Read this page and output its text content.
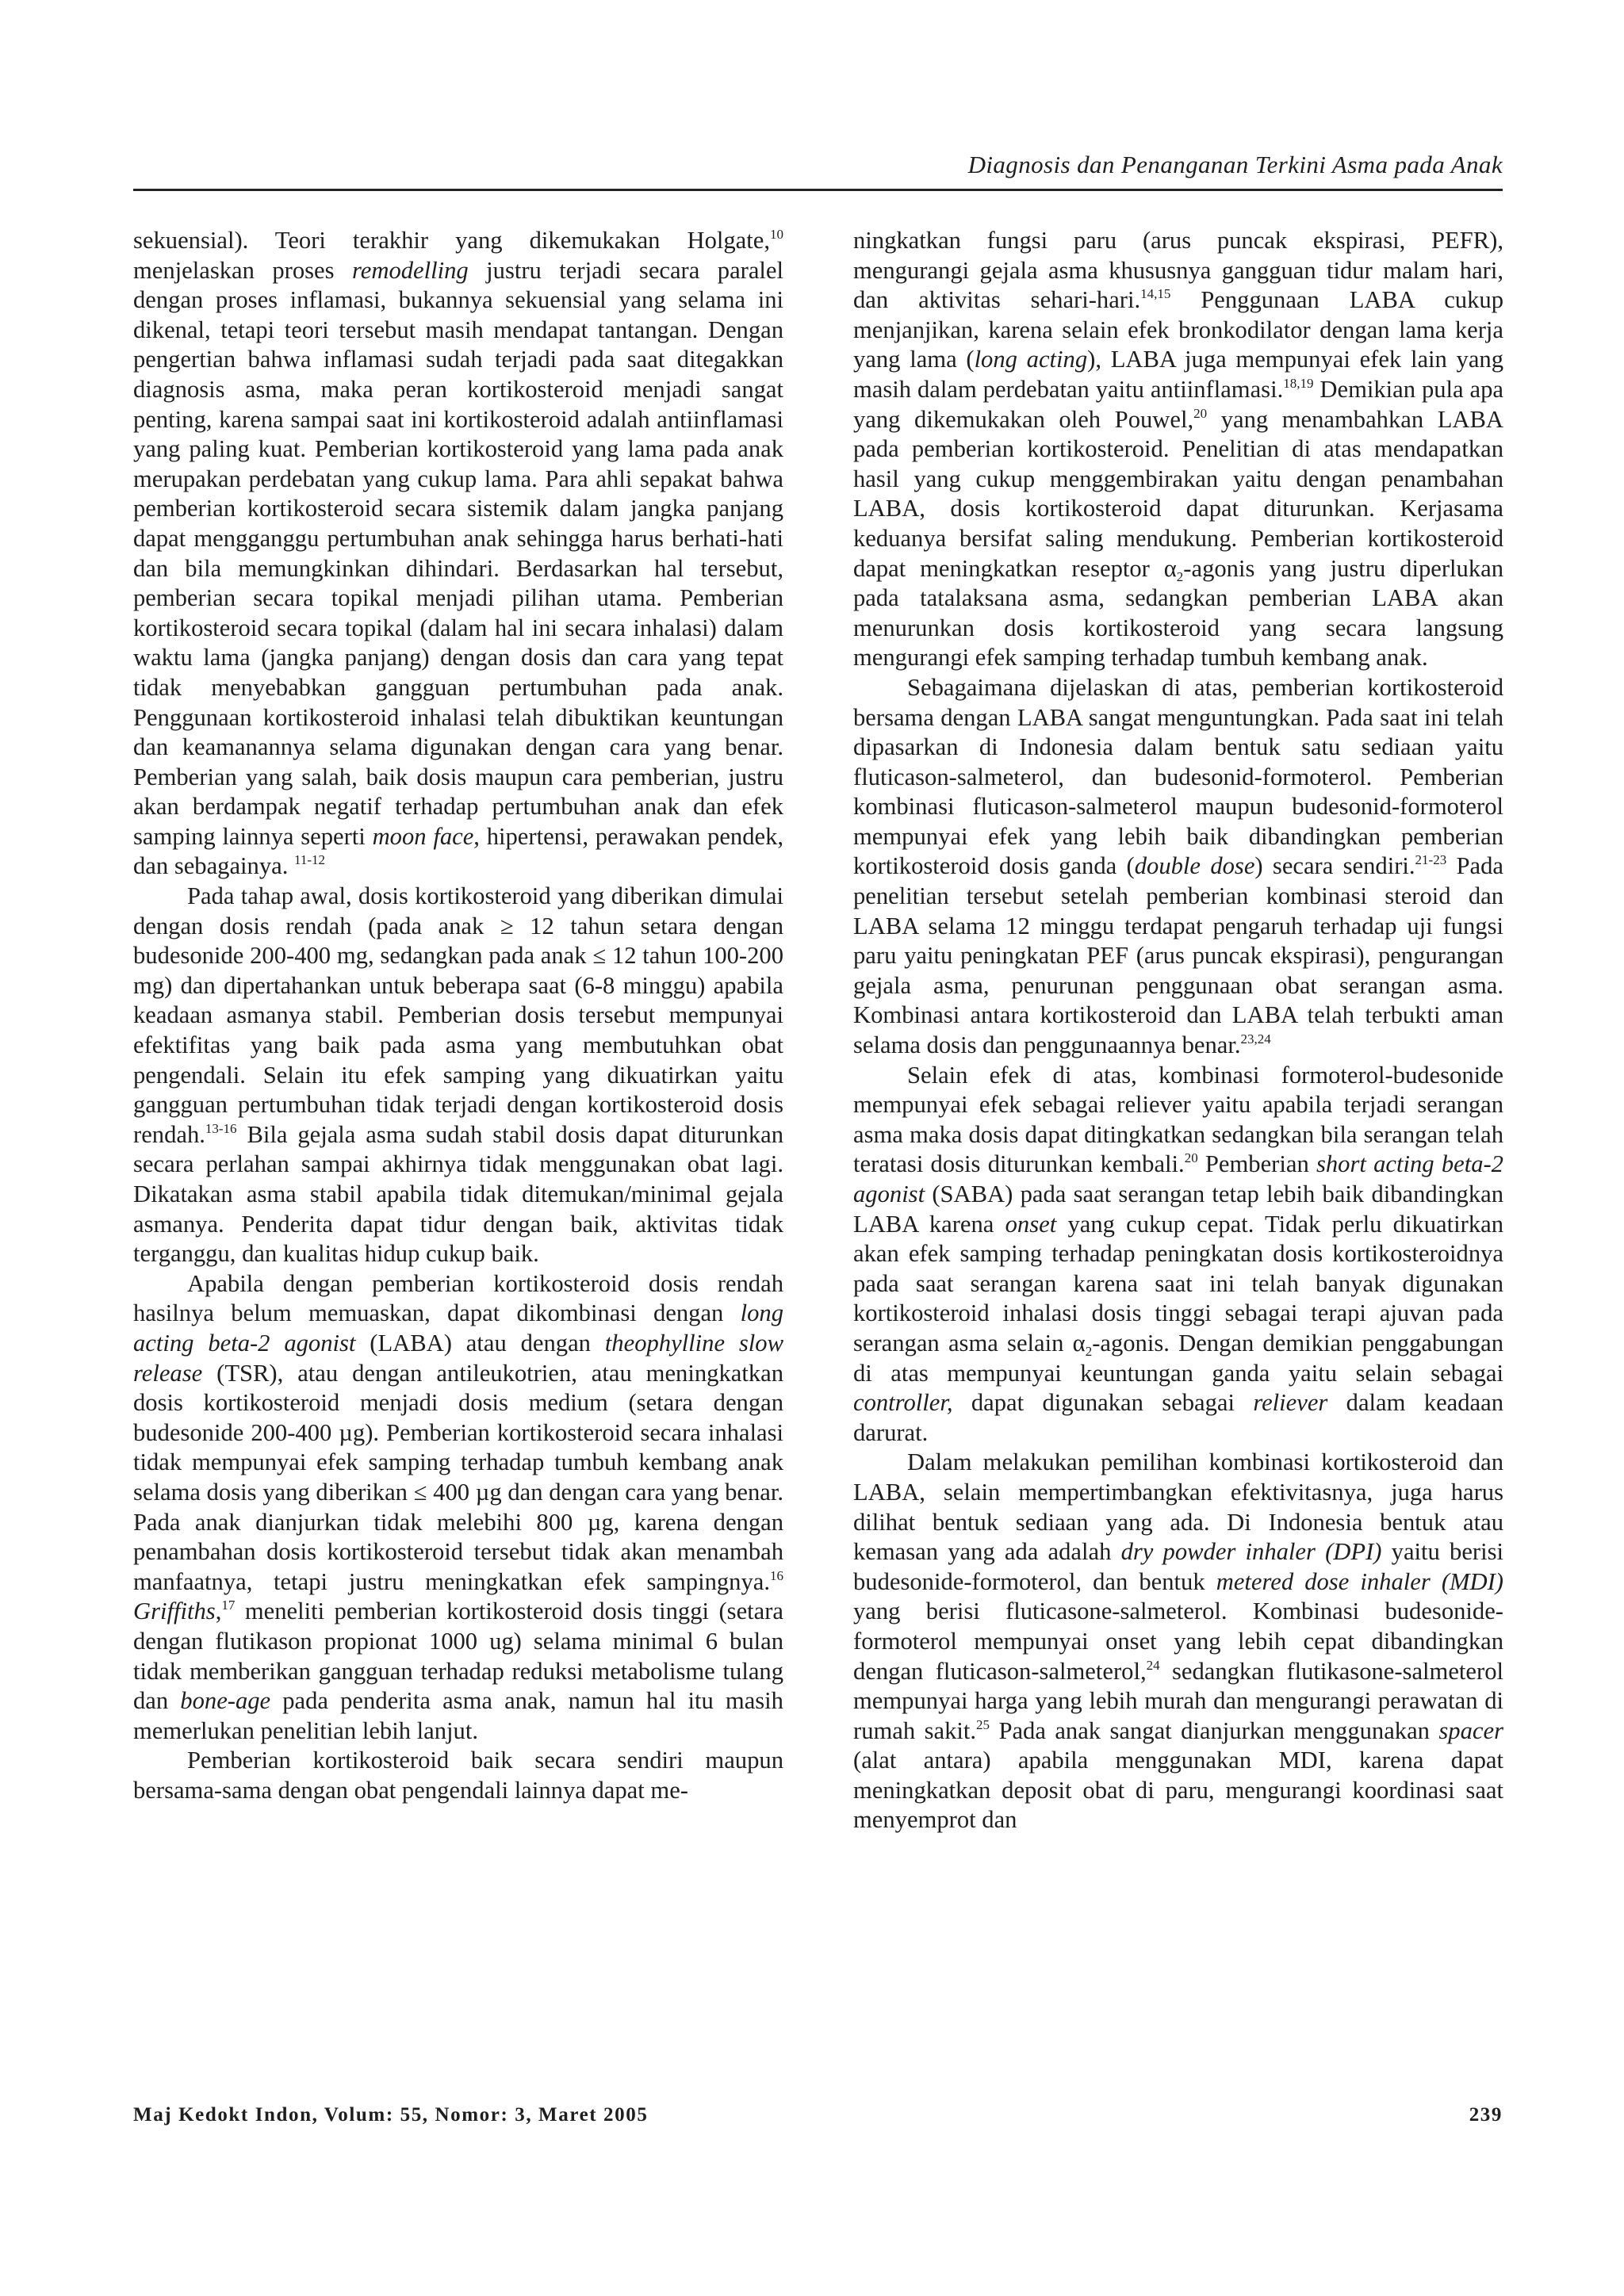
Diagnosis dan Penanganan Terkini Asma pada Anak

sekuensial). Teori terakhir yang dikemukakan Holgate,$^{10}$ menjelaskan proses remodelling justru terjadi secara paralel dengan proses inflamasi, bukannya sekuensial yang selama ini dikenal, tetapi teori tersebut masih mendapat tantangan. Dengan pengertian bahwa inflamasi sudah terjadi pada saat ditegakkan diagnosis asma, maka peran kortikosteroid menjadi sangat penting, karena sampai saat ini kortikosteroid adalah antiinflamasi yang paling kuat. Pemberian kortikosteroid yang lama pada anak merupakan perdebatan yang cukup lama. Para ahli sepakat bahwa pemberian kortikosteroid secara sistemik dalam jangka panjang dapat mengganggu pertumbuhan anak sehingga harus berhati-hati dan bila memungkinkan dihindari. Berdasarkan hal tersebut, pemberian secara topikal menjadi pilihan utama. Pemberian kortikosteroid secara topikal (dalam hal ini secara inhalasi) dalam waktu lama (jangka panjang) dengan dosis dan cara yang tepat tidak menyebabkan gangguan pertumbuhan pada anak. Penggunaan kortikosteroid inhalasi telah dibuktikan keuntungan dan keamanannya selama digunakan dengan cara yang benar. Pemberian yang salah, baik dosis maupun cara pemberian, justru akan berdampak negatif terhadap pertumbuhan anak dan efek samping lainnya seperti moon face, hipertensi, perawakan pendek, dan sebagainya. $^{11-12}$

Pada tahap awal, dosis kortikosteroid yang diberikan dimulai dengan dosis rendah (pada anak ≥ 12 tahun setara dengan budesonide 200-400 mg, sedangkan pada anak ≤ 12 tahun 100-200 mg) dan dipertahankan untuk beberapa saat (6-8 minggu) apabila keadaan asmanya stabil. Pemberian dosis tersebut mempunyai efektifitas yang baik pada asma yang membutuhkan obat pengendali. Selain itu efek samping yang dikuatirkan yaitu gangguan pertumbuhan tidak terjadi dengan kortikosteroid dosis rendah.$^{13-16}$ Bila gejala asma sudah stabil dosis dapat diturunkan secara perlahan sampai akhirnya tidak menggunakan obat lagi. Dikatakan asma stabil apabila tidak ditemukan/minimal gejala asmanya. Penderita dapat tidur dengan baik, aktivitas tidak terganggu, dan kualitas hidup cukup baik.

Apabila dengan pemberian kortikosteroid dosis rendah hasilnya belum memuaskan, dapat dikombinasi dengan long acting beta-2 agonist (LABA) atau dengan theophylline slow release (TSR), atau dengan antileukotrien, atau meningkatkan dosis kortikosteroid menjadi dosis medium (setara dengan budesonide 200-400 µg). Pemberian kortikosteroid secara inhalasi tidak mempunyai efek samping terhadap tumbuh kembang anak selama dosis yang diberikan ≤ 400 µg dan dengan cara yang benar. Pada anak dianjurkan tidak melebihi 800 µg, karena dengan penambahan dosis kortikosteroid tersebut tidak akan menambah manfaatnya, tetapi justru meningkatkan efek sampingnya.$^{16}$ Griffiths,$^{17}$ meneliti pemberian kortikosteroid dosis tinggi (setara dengan flutikason propionat 1000 ug) selama minimal 6 bulan tidak memberikan gangguan terhadap reduksi metabolisme tulang dan bone-age pada penderita asma anak, namun hal itu masih memerlukan penelitian lebih lanjut.

Pemberian kortikosteroid baik secara sendiri maupun bersama-sama dengan obat pengendali lainnya dapat me-

ningkatkan fungsi paru (arus puncak ekspirasi, PEFR), mengurangi gejala asma khususnya gangguan tidur malam hari, dan aktivitas sehari-hari.$^{14,15}$ Penggunaan LABA cukup menjanjikan, karena selain efek bronkodilator dengan lama kerja yang lama (long acting), LABA juga mempunyai efek lain yang masih dalam perdebatan yaitu antiinflamasi.$^{18,19}$ Demikian pula apa yang dikemukakan oleh Pouwel,$^{20}$ yang menambahkan LABA pada pemberian kortikosteroid. Penelitian di atas mendapatkan hasil yang cukup menggembirakan yaitu dengan penambahan LABA, dosis kortikosteroid dapat diturunkan. Kerjasama keduanya bersifat saling mendukung. Pemberian kortikosteroid dapat meningkatkan reseptor $\alpha_2$-agonis yang justru diperlukan pada tatalaksana asma, sedangkan pemberian LABA akan menurunkan dosis kortikosteroid yang secara langsung mengurangi efek samping terhadap tumbuh kembang anak.

Sebagaimana dijelaskan di atas, pemberian kortikosteroid bersama dengan LABA sangat menguntungkan. Pada saat ini telah dipasarkan di Indonesia dalam bentuk satu sediaan yaitu fluticason-salmeterol, dan budesonid-formoterol. Pemberian kombinasi fluticason-salmeterol maupun budesonid-formoterol mempunyai efek yang lebih baik dibandingkan pemberian kortikosteroid dosis ganda (double dose) secara sendiri.$^{21-23}$ Pada penelitian tersebut setelah pemberian kombinasi steroid dan LABA selama 12 minggu terdapat pengaruh terhadap uji fungsi paru yaitu peningkatan PEF (arus puncak ekspirasi), pengurangan gejala asma, penurunan penggunaan obat serangan asma. Kombinasi antara kortikosteroid dan LABA telah terbukti aman selama dosis dan penggunaannya benar.$^{23,24}$

Selain efek di atas, kombinasi formoterol-budesonide mempunyai efek sebagai reliever yaitu apabila terjadi serangan asma maka dosis dapat ditingkatkan sedangkan bila serangan telah teratasi dosis diturunkan kembali.$^{20}$ Pemberian short acting beta-2 agonist (SABA) pada saat serangan tetap lebih baik dibandingkan LABA karena onset yang cukup cepat. Tidak perlu dikuatirkan akan efek samping terhadap peningkatan dosis kortikosteroidnya pada saat serangan karena saat ini telah banyak digunakan kortikosteroid inhalasi dosis tinggi sebagai terapi ajuvan pada serangan asma selain $\alpha_2$-agonis. Dengan demikian penggabungan di atas mempunyai keuntungan ganda yaitu selain sebagai controller, dapat digunakan sebagai reliever dalam keadaan darurat.

Dalam melakukan pemilihan kombinasi kortikosteroid dan LABA, selain mempertimbangkan efektivitasnya, juga harus dilihat bentuk sediaan yang ada. Di Indonesia bentuk atau kemasan yang ada adalah dry powder inhaler (DPI) yaitu berisi budesonide-formoterol, dan bentuk metered dose inhaler (MDI) yang berisi fluticasone-salmeterol. Kombinasi budesonide-formoterol mempunyai onset yang lebih cepat dibandingkan dengan fluticason-salmeterol,$^{24}$ sedangkan flutikasone-salmeterol mempunyai harga yang lebih murah dan mengurangi perawatan di rumah sakit.$^{25}$ Pada anak sangat dianjurkan menggunakan spacer (alat antara) apabila menggunakan MDI, karena dapat meningkatkan deposit obat di paru, mengurangi koordinasi saat menyemprot dan

Maj Kedokt Indon, Volum: 55, Nomor: 3, Maret 2005	239
